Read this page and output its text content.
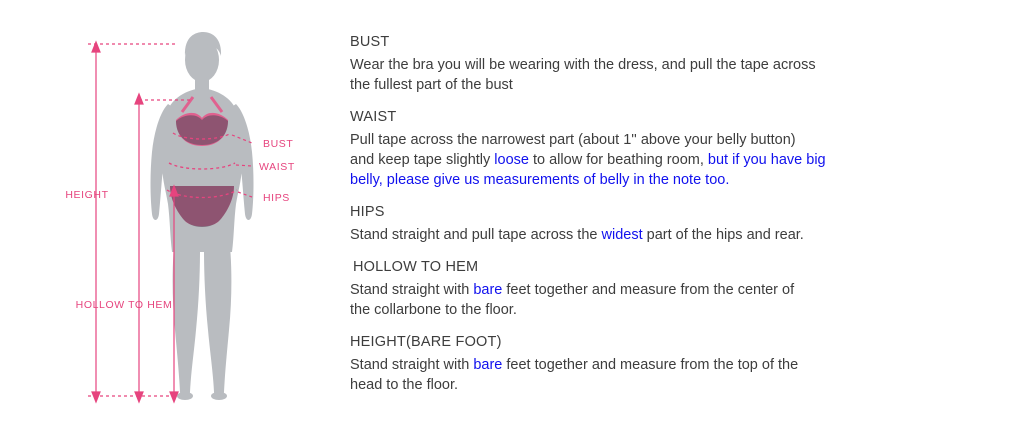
BUST
WAIST
HIPS
HEIGHT
HOLLOW TO HEM
BUST
Wear the bra you will be wearing with the dress, and pull the tape across
the fullest part of the bust
WAIST
Pull tape across the narrowest part (about 1'' above your belly button)
and keep tape slightly loose to allow for beathing room, but if you have big
belly, please give us measurements of belly in the note too.
HIPS
Stand straight and pull tape across the widest part of the hips and rear.
HOLLOW TO HEM
Stand straight with bare feet together and measure from the center of
the collarbone to the floor.
HEIGHT(BARE FOOT)
Stand straight with bare feet together and measure from the top of the
head to the floor.
